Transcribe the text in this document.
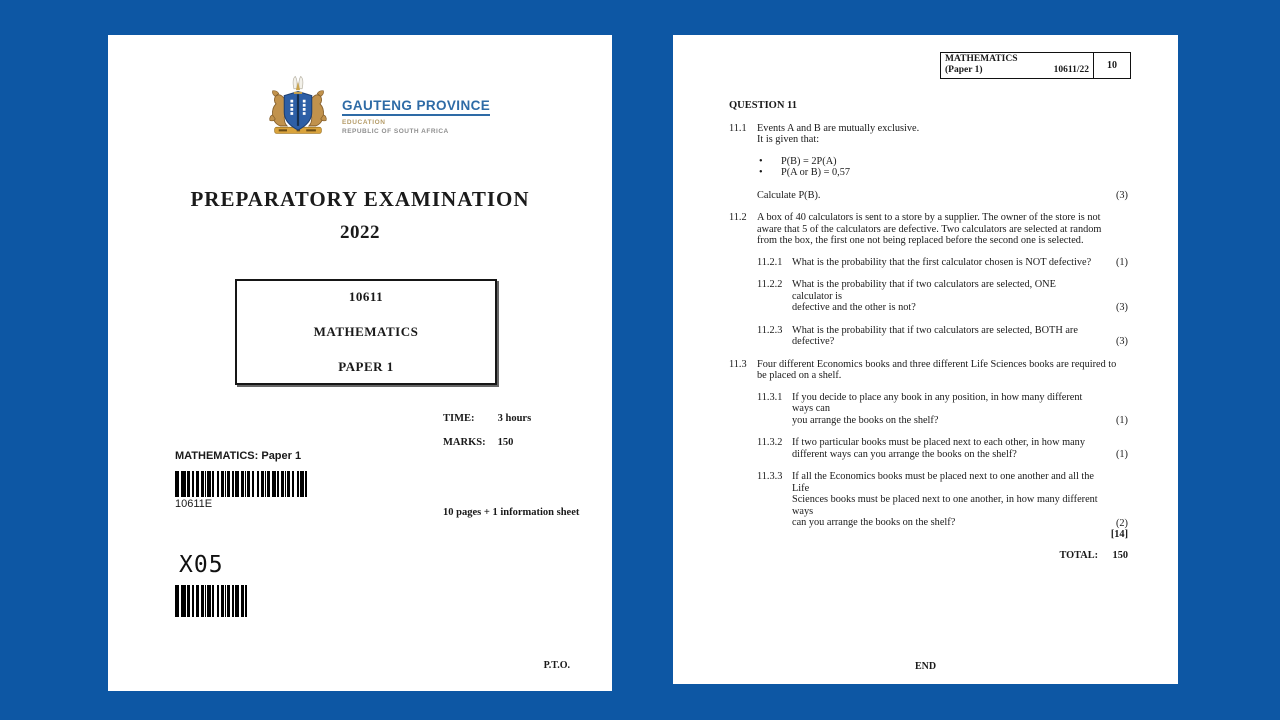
GAUTENG PROVINCE
EDUCATION
REPUBLIC OF SOUTH AFRICA
PREPARATORY EXAMINATION
2022
10611
MATHEMATICS
PAPER 1
TIME: 3 hours
MARKS: 150
10 pages + 1 information sheet
MATHEMATICS: Paper 1
10611E
X05
P.T.O.
MATHEMATICS
(Paper 1)	10611/22	10
QUESTION 11
11.1	Events A and B are mutually exclusive.
It is given that:
•	P(B) = 2P(A)
•	P(A or B) = 0,57
Calculate P(B).	(3)
11.2	A box of 40 calculators is sent to a store by a supplier. The owner of the store is not
aware that 5 of the calculators are defective. Two calculators are selected at random
from the box, the first one not being replaced before the second one is selected.
11.2.1 What is the probability that the first calculator chosen is NOT defective?	(1)
11.2.2 What is the probability that if two calculators are selected, ONE calculator is
defective and the other is not?	(3)
11.2.3 What is the probability that if two calculators are selected, BOTH are defective?	(3)
11.3	Four different Economics books and three different Life Sciences books are required to
be placed on a shelf.
11.3.1 If you decide to place any book in any position, in how many different ways can
you arrange the books on the shelf?	(1)
11.3.2 If two particular books must be placed next to each other, in how many
different ways can you arrange the books on the shelf?	(1)
11.3.3 If all the Economics books must be placed next to one another and all the Life
Sciences books must be placed next to one another, in how many different ways
can you arrange the books on the shelf?	(2)
[14]
TOTAL:	150
END
